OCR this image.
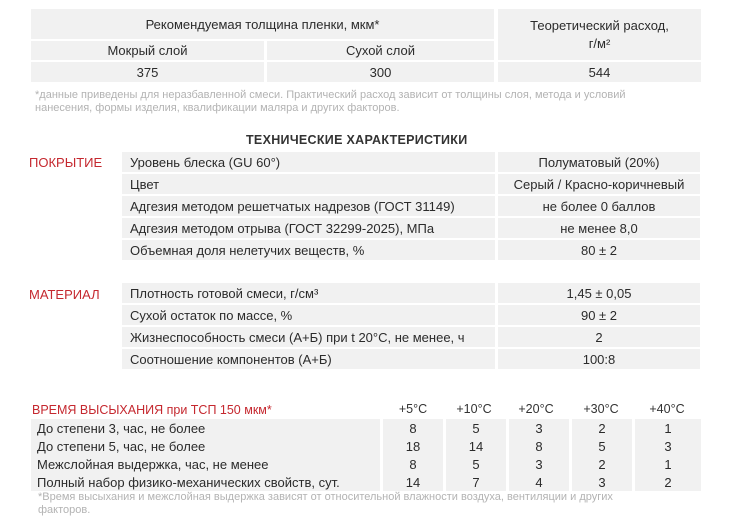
Рекомендуемая толщина пленки, мкм*	Теоретический расход,
г/м²
Мокрый слой	Сухой слой
375	300	544
*данные приведены для неразбавленной смеси. Практический расход зависит от толщины слоя, метода и условий
нанесения, формы изделия, квалификации маляра и других факторов.
ТЕХНИЧЕСКИЕ ХАРАКТЕРИСТИКИ
ПОКРЫТИЕ Уровень блеска (GU 60°)	Полуматовый (20%)
Цвет	Серый / Красно-коричневый
Адгезия методом решетчатых надрезов (ГОСТ 31149)	не более 0 баллов
Адгезия методом отрыва (ГОСТ 32299-2025), МПа	не менее 8,0
Объемная доля нелетучих веществ, %	80 ± 2
МАТЕРИАЛ Плотность готовой смеси, г/см³	1,45 ± 0,05
Сухой остаток по массе, %	90 ± 2
Жизнеспособность смеси (А+Б) при t 20°С, не менее, ч	2
Соотношение компонентов (А+Б)	100:8
ВРЕМЯ ВЫСЫХАНИЯ при ТСП 150 мкм*	+5°С	+10°С	+20°С	+30°С	+40°С
До степени 3, час, не более	8	5	3	2	1
До степени 5, час, не более	18	14	8	5	3
Межслойная выдержка, час, не менее	8	5	3	2	1
Полный набор физико-механических свойств, сут.	14	7	4	3	2
*Время высыхания и межслойная выдержка зависят от относительной влажности воздуха, вентиляции и других
факторов.
